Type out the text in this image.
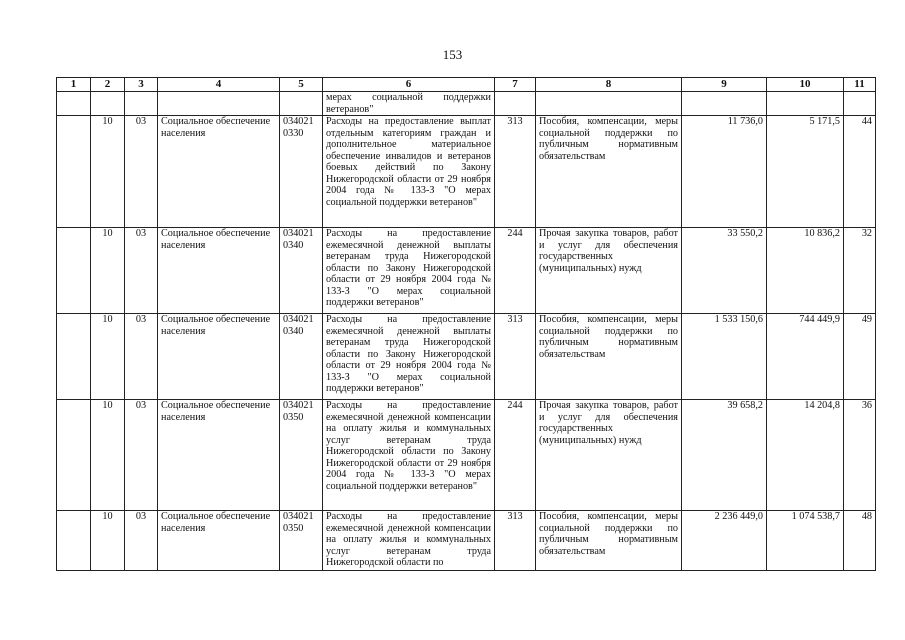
153
1	2	3	4	5	6	7	8	9	10	11
					мерах социальной поддержки ветеранов"					
	10	03	Социальное обеспечение населения	034021 0330	Расходы на предоставление выплат отдельным категориям граждан и дополнительное материальное обеспечение инвалидов и ветеранов боевых действий по Закону Нижегородской области от 29 ноября 2004 года № 133-З "О мерах социальной поддержки ветеранов"	313	Пособия, компенсации, меры социальной поддержки по публичным нормативным обязательствам	11 736,0	5 171,5	44
	10	03	Социальное обеспечение населения	034021 0340	Расходы на предоставление ежемесячной денежной выплаты ветеранам труда Нижегородской области по Закону Нижегородской области от 29 ноября 2004 года № 133-З "О мерах социальной поддержки ветеранов"	244	Прочая закупка товаров, работ и услуг для обеспечения государственных (муниципальных) нужд	33 550,2	10 836,2	32
	10	03	Социальное обеспечение населения	034021 0340	Расходы на предоставление ежемесячной денежной выплаты ветеранам труда Нижегородской области по Закону Нижегородской области от 29 ноября 2004 года № 133-З "О мерах социальной поддержки ветеранов"	313	Пособия, компенсации, меры социальной поддержки по публичным нормативным обязательствам	1 533 150,6	744 449,9	49
	10	03	Социальное обеспечение населения	034021 0350	Расходы на предоставление ежемесячной денежной компенсации на оплату жилья и коммунальных услуг ветеранам труда Нижегородской области по Закону Нижегородской области от 29 ноября 2004 года № 133-З "О мерах социальной поддержки ветеранов"	244	Прочая закупка товаров, работ и услуг для обеспечения государственных (муниципальных) нужд	39 658,2	14 204,8	36
	10	03	Социальное обеспечение населения	034021 0350	Расходы на предоставление ежемесячной денежной компенсации на оплату жилья и коммунальных услуг ветеранам труда Нижегородской области по	313	Пособия, компенсации, меры социальной поддержки по публичным нормативным обязательствам	2 236 449,0	1 074 538,7	48
